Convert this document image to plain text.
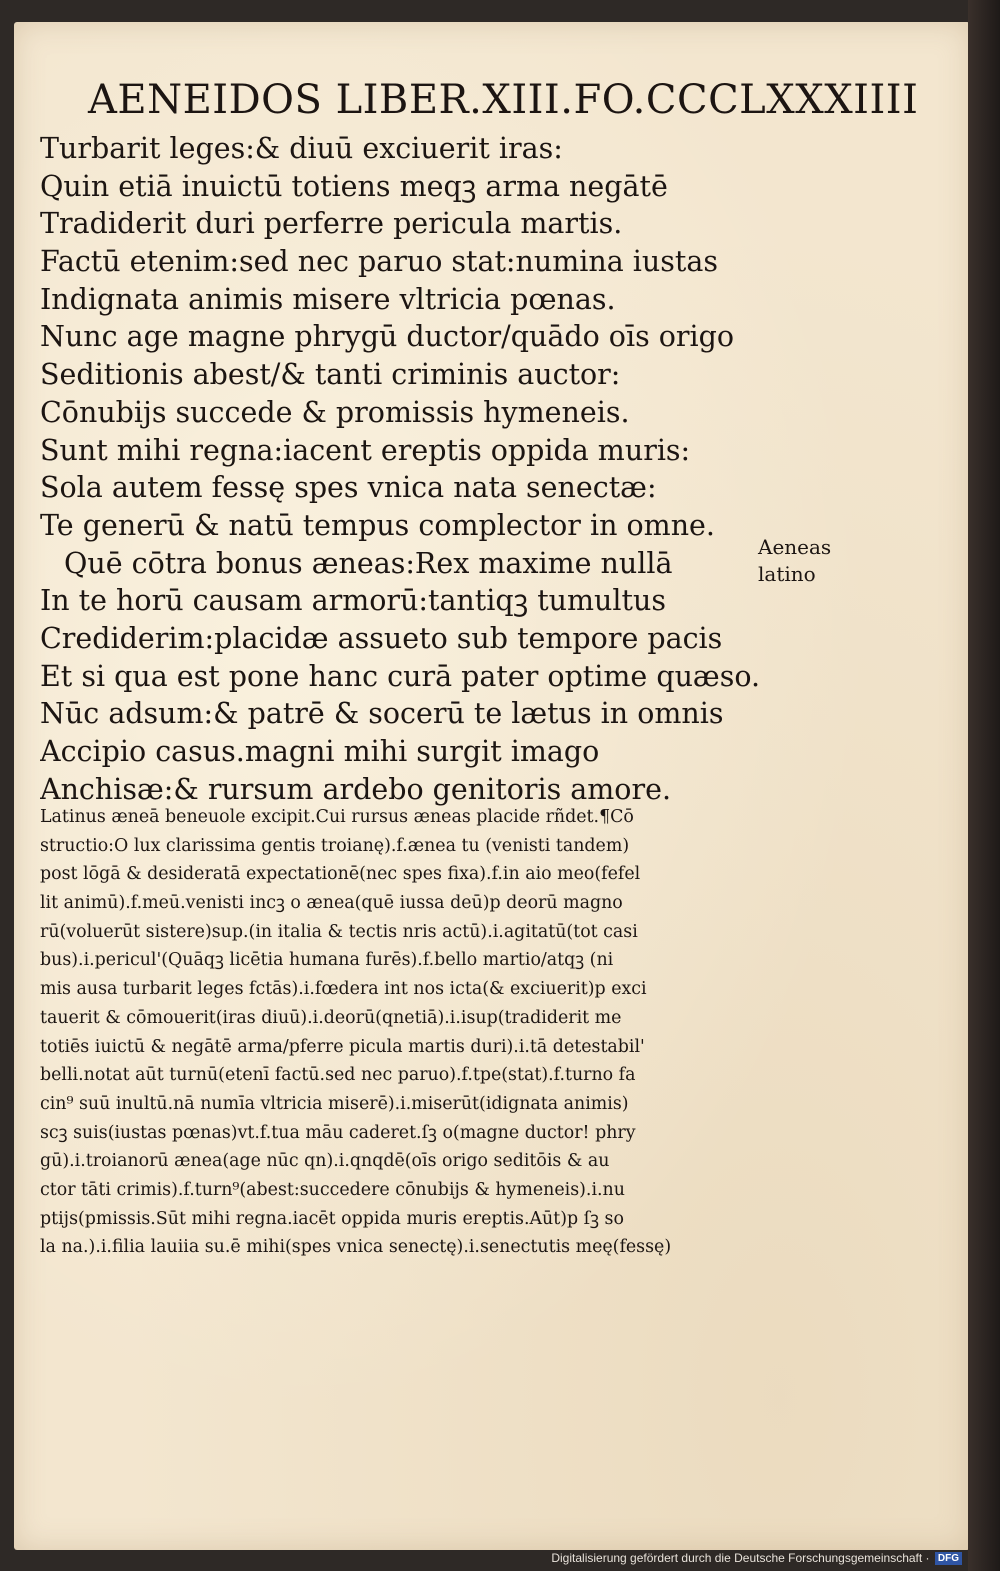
AENEIDOS LIBER.XIII.FO.CCCLXXXIIII
Turbarit leges:& diuū exciuerit iras:
Quin etiā inuictū totiens meqꝫ arma negātē
Tradiderit duri perferre pericula martis.
Factū etenim:sed nec paruo stat:numina iustas
Indignata animis misere vltricia pœnas.
Nunc age magne phrygū ductor/quādo oīs origo
Seditionis abest/& tanti criminis auctor:
Cōnubijs succede & promissis hymeneis.
Sunt mihi regna:iacent ereptis oppida muris:
Sola autem fessę spes vnica nata senectæ:
Te generū & natū tempus complector in omne.
Quē cōtra bonus æneas:Rex maxime nullā
In te horū causam armorū:tantiqꝫ tumultus
Crediderim:placidæ assueto sub tempore pacis
Et si qua est pone hanc curā pater optime quæso.
Nūc adsum:& patrē & socerū te lætus in omnis
Accipio casus.magni mihi surgit imago
Anchisæ:& rursum ardebo genitoris amore.
Aeneas
latino
Latinus æneā beneuole excipit.Cui rursus æneas placide rñdet.¶Cō
structio:O lux clarissima gentis troianę).f.ænea tu (venisti tandem)
post lōgā & desideratā expectationē(nec spes fixa).f.in aio meo(fefel
lit animū).f.meū.venisti incꝫ o ænea(quē iussa deū)p deorū magno
rū(voluerūt sistere)sup.(in italia & tectis nris actū).i.agitatū(tot casi
bus).i.pericul'(Quāqꝫ licētia humana furēs).f.bello martio/atqꝫ (ni
mis ausa turbarit leges fctās).i.fœdera int nos icta(& exciuerit)p exci
tauerit & cōmouerit(iras diuū).i.deorū(qnetiā).i.isup(tradiderit me
totiēs iuictū & negātē arma/pferre picula martis duri).i.tā detestabil'
belli.notat aūt turnū(etenī factū.sed nec paruo).f.tpe(stat).f.turno fa
cin⁹ suū inultū.nā numīa vltricia miserē).i.miserūt(idignata animis)
scꝫ suis(iustas pœnas)vt.f.tua māu caderet.ſꝫ o(magne ductor! phry
gū).i.troianorū ænea(age nūc qn).i.qnqdē(oīs origo seditōis & au
ctor tāti crimis).f.turn⁹(abest:succedere cōnubijs & hymeneis).i.nu
ptijs(pmissis.Sūt mihi regna.iacēt oppida muris ereptis.Aūt)p ſꝫ so
la na.).i.filia lauiia su.ē mihi(spes vnica senectę).i.senectutis meę(fessę)
Digitalisierung gefördert durch die Deutsche Forschungsgemeinschaft · DFG
